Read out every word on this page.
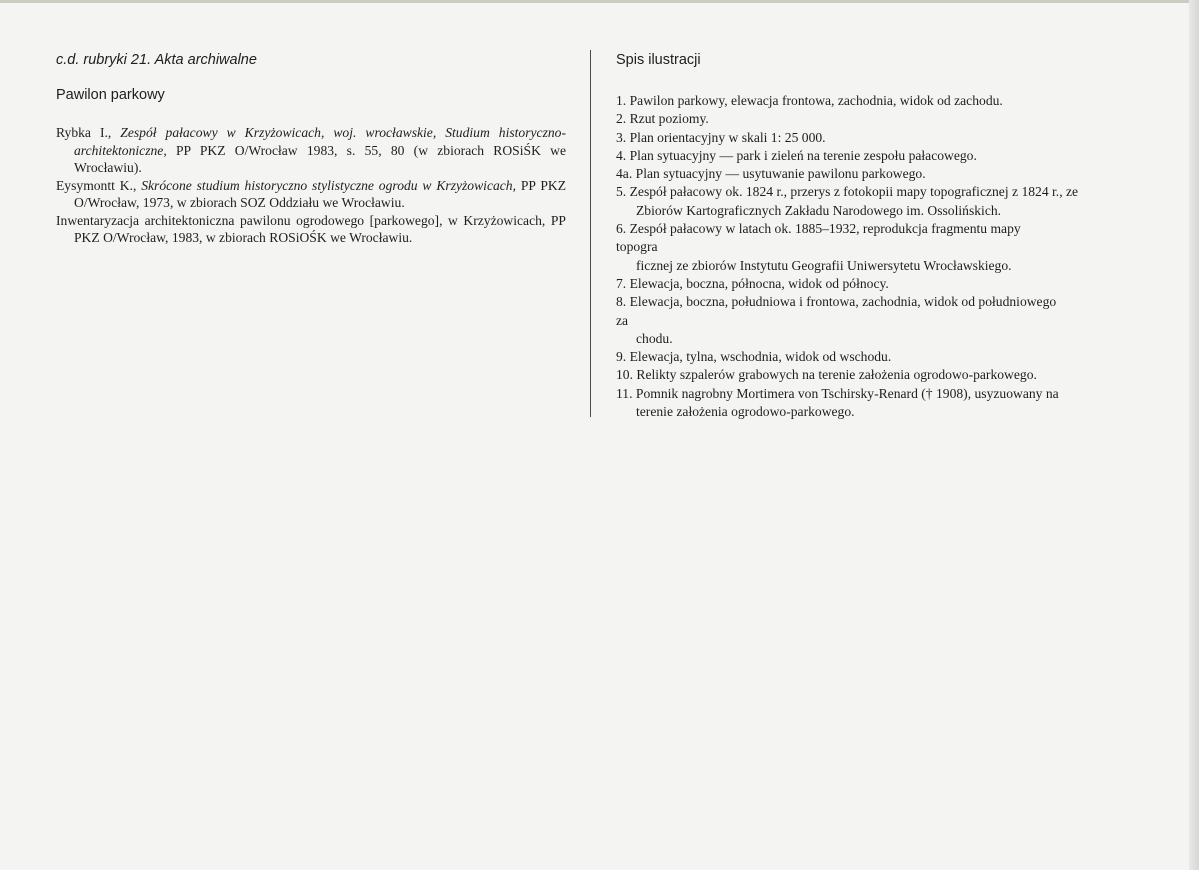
c.d. rubryki 21. Akta archiwalne

Pawilon parkowy

Rybka I., Zespół pałacowy w Krzyżowicach, woj. wrocławskie, Studium historyczno-architektoniczne, PP PKZ O/Wrocław 1983, s. 55, 80 (w zbiorach ROSiŚK we Wrocławiu).

Eysymontt K., Skrócone studium historyczno stylistyczne ogrodu w Krzyżowicach, PP PKZ O/Wrocław, 1973, w zbiorach SOZ Oddziału we Wrocławiu.

Inwentaryzacja architektoniczna pawilonu ogrodowego [parkowego], w Krzyżowicach, PP PKZ O/Wrocław, 1983, w zbiorach ROSiOŚK we Wrocławiu.

Spis ilustracji

1. Pawilon parkowy, elewacja frontowa, zachodnia, widok od zachodu.
2. Rzut poziomy.
3. Plan orientacyjny w skali 1: 25 000.
4. Plan sytuacyjny — park i zieleń na terenie zespołu pałacowego.
4a. Plan sytuacyjny — usytuwanie pawilonu parkowego.
5. Zespół pałacowy ok. 1824 r., przerys z fotokopii mapy topograficznej z 1824 r., ze
Zbiorów Kartograficznych Zakładu Narodowego im. Ossolińskich.
6. Zespół pałacowy w latach ok. 1885–1932, reprodukcja fragmentu mapy topogra
ficznej ze zbiorów Instytutu Geografii Uniwersytetu Wrocławskiego.
7. Elewacja, boczna, północna, widok od północy.
8. Elewacja, boczna, południowa i frontowa, zachodnia, widok od południowego za
chodu.
9. Elewacja, tylna, wschodnia, widok od wschodu.
10. Relikty szpalerów grabowych na terenie założenia ogrodowo-parkowego.
11. Pomnik nagrobny Mortimera von Tschirsky-Renard († 1908), usyzuowany na
terenie założenia ogrodowo-parkowego.
